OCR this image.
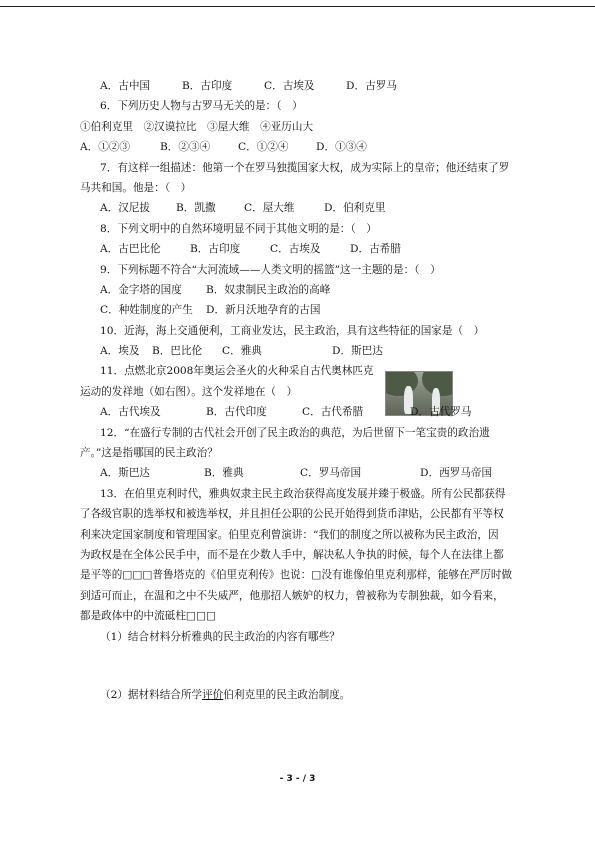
A．古中国	B．古印度	C．古埃及	D．古罗马
6．下列历史人物与古罗马无关的是：（　）
①伯利克里　②汉谟拉比　③屋大维　④亚历山大
A．①②③	B．②③④	C．①②④	D．①③④
7．有这样一组描述：他第一个在罗马独揽国家大权，成为实际上的皇帝；他还结束了罗
马共和国。他是：（　）
A．汉尼拔 B．凯撒	C．屋大维	D．伯利克里
8．下列文明中的自然环境明显不同于其他文明的是：（　）
A．古巴比伦	B．古印度	C．古埃及	D．古希腊
9．下列标题不符合“大河流域——人类文明的摇篮”这一主题的是：（　）
A．金字塔的国度 B．奴隶制民主政治的高峰
C．种姓制度的产生 D．新月沃地孕育的古国
10．近海，海上交通便利，工商业发达，民主政治，具有这些特征的国家是（　）
A．埃及 B．巴比伦 C．雅典	D．斯巴达
11．点燃北京2008年奥运会圣火的火种采自古代奥林匹克
运动的发祥地（如右图）。这个发祥地在（　）
A．古代埃及	B．古代印度	C．古代希腊	D．古代罗马
12．“在盛行专制的古代社会开创了民主政治的典范，为后世留下一笔宝贵的政治遗
产。”这是指哪国的民主政治？
A．斯巴达	B．雅典	C．罗马帝国	D．西罗马帝国
13．在伯里克利时代，雅典奴隶主民主政治获得高度发展并臻于极盛。所有公民都获得
了各级官职的选举权和被选举权，并且担任公职的公民开始得到货币津贴，公民都有平等权
利来决定国家制度和管理国家。伯里克利曾演讲：“我们的制度之所以被称为民主政治，因
为政权是在全体公民手中，而不是在少数人手中，解决私人争执的时候，每个人在法律上都
是平等的□□□普鲁塔克的《伯里克利传》也说：□没有谁像伯里克利那样，能够在严厉时做
到适可而止，在温和之中不失威严，他那招人嫉妒的权力，曾被称为专制独裁，如今看来，
都是政体中的中流砥柱□□□
（1）结合材料分析雅典的民主政治的内容有哪些？
（2）据材料结合所学评价伯利克里的民主政治制度。
- 3 - / 3
